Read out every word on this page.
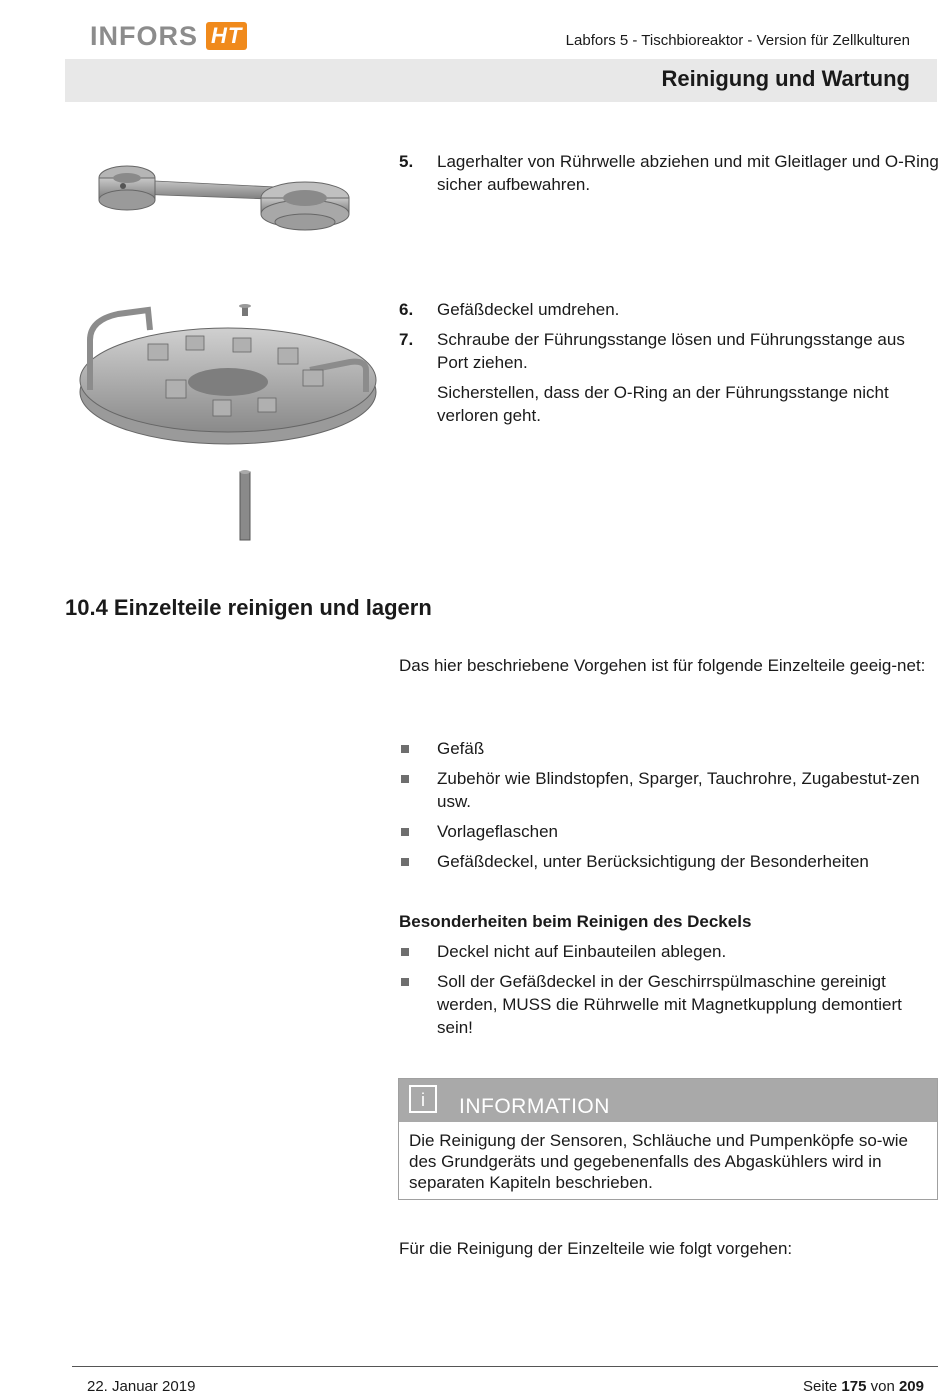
INFORS HT	Labfors 5 - Tischbioreaktor - Version für Zellkulturen
Reinigung und Wartung
5.	Lagerhalter von Rührwelle abziehen und mit Gleitlager und O-Ring sicher aufbewahren.
6.	Gefäßdeckel umdrehen.
7.	Schraube der Führungsstange lösen und Führungsstange aus Port ziehen.
Sicherstellen, dass der O-Ring an der Führungsstange nicht verloren geht.
10.4 Einzelteile reinigen und lagern
Das hier beschriebene Vorgehen ist für folgende Einzelteile geeig-net:
Gefäß
Zubehör wie Blindstopfen, Sparger, Tauchrohre, Zugabestut-zen usw.
Vorlageflaschen
Gefäßdeckel, unter Berücksichtigung der Besonderheiten
Besonderheiten beim Reinigen des Deckels
Deckel nicht auf Einbauteilen ablegen.
Soll der Gefäßdeckel in der Geschirrspülmaschine gereinigt werden, MUSS die Rührwelle mit Magnetkupplung demontiert sein!
i	INFORMATION
Die Reinigung der Sensoren, Schläuche und Pumpenköpfe so-wie des Grundgeräts und gegebenenfalls des Abgaskühlers wird in separaten Kapiteln beschrieben.
Für die Reinigung der Einzelteile wie folgt vorgehen:
22. Januar 2019	Seite 175 von 209
